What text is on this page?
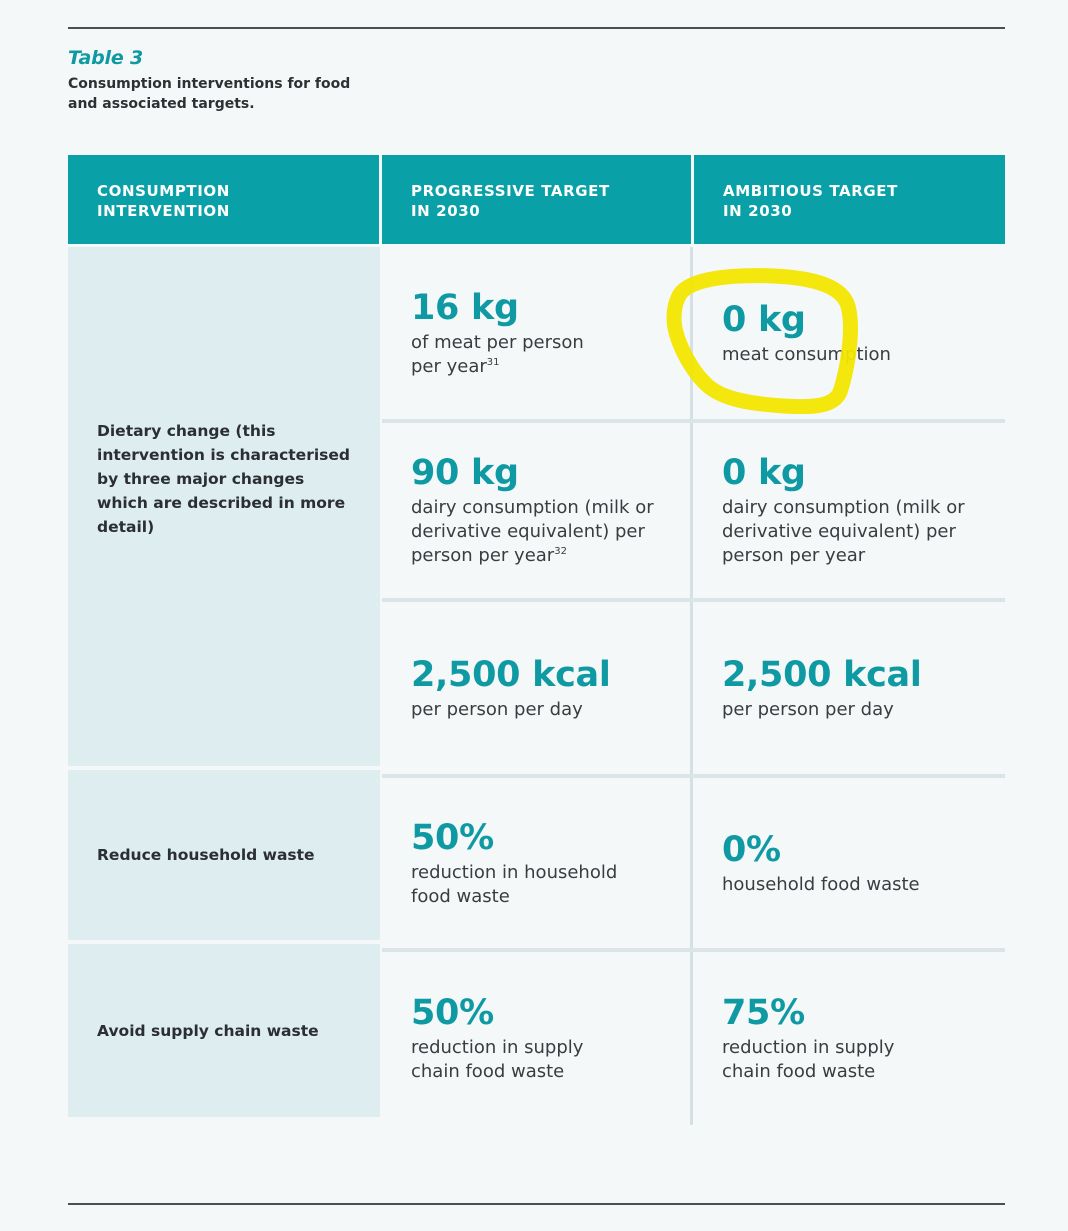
Table 3
Consumption interventions for food and associated targets.
CONSUMPTION
INTERVENTION
PROGRESSIVE TARGET
IN 2030
AMBITIOUS TARGET
IN 2030
Dietary change (this intervention is characterised by three major changes which are described in more detail)
Reduce household waste
Avoid supply chain waste
16 kg
of meat per person per year$^{31}$
0 kg
meat consumption
90 kg
dairy consumption (milk or derivative equivalent) per person per year$^{32}$
0 kg
dairy consumption (milk or derivative equivalent) per person per year
2,500 kcal
per person per day
2,500 kcal
per person per day
50%
reduction in household food waste
0%
household food waste
50%
reduction in supply chain food waste
75%
reduction in supply chain food waste
